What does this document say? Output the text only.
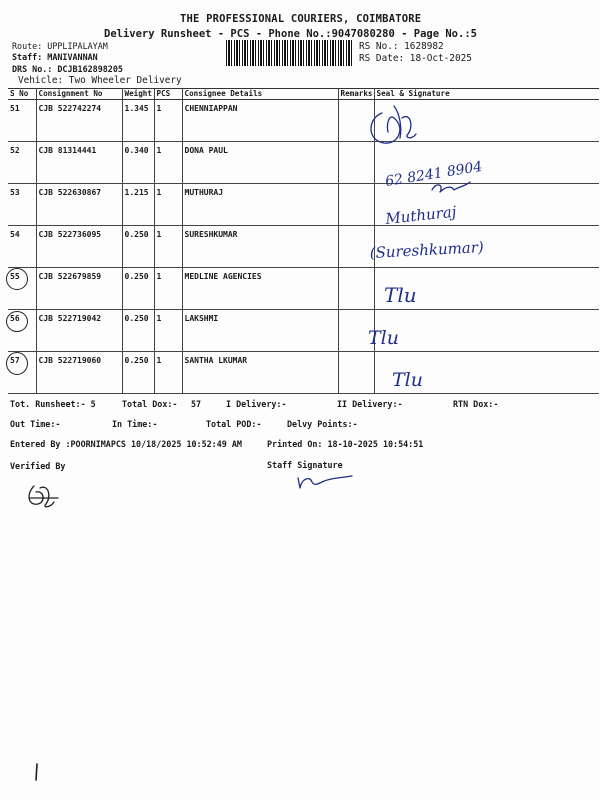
THE PROFESSIONAL COURIERS, COIMBATORE
Delivery Runsheet - PCS - Phone No.:9047080280 - Page No.:5
Route: UPPLIPALAYAM
Staff: MANIVANNAN
DRS No.: DCJB162898205
Vehicle: Two Wheeler Delivery
RS No.: 1628982
RS Date: 18-Oct-2025
S No	Consignment No	Weight	PCS	Consignee Details	Remarks	Seal & Signature
51	CJB 522742274	1.345	1	CHENNIAPPAN		
52	CJB 81314441	0.340	1	DONA PAUL		
53	CJB 522630867	1.215	1	MUTHURAJ		
54	CJB 522736095	0.250	1	SURESHKUMAR		
55	CJB 522679859	0.250	1	MEDLINE AGENCIES		
56	CJB 522719042	0.250	1	LAKSHMI		
57	CJB 522719060	0.250	1	SANTHA LKUMAR		
62 8241 8904
Muthuraj
(Sureshkumar)
Tlu
Tlu
Tlu
Tot. Runsheet:- 5	Total Dox:- 57	I Delivery:-	II Delivery:-	RTN Dox:-
Out Time:-	In Time:-	Total POD:-	Delvy Points:-
Entered By :POORNIMAPCS 10/18/2025 10:52:49 AM	Printed On: 18-10-2025 10:54:51
Verified By	Staff Signature
